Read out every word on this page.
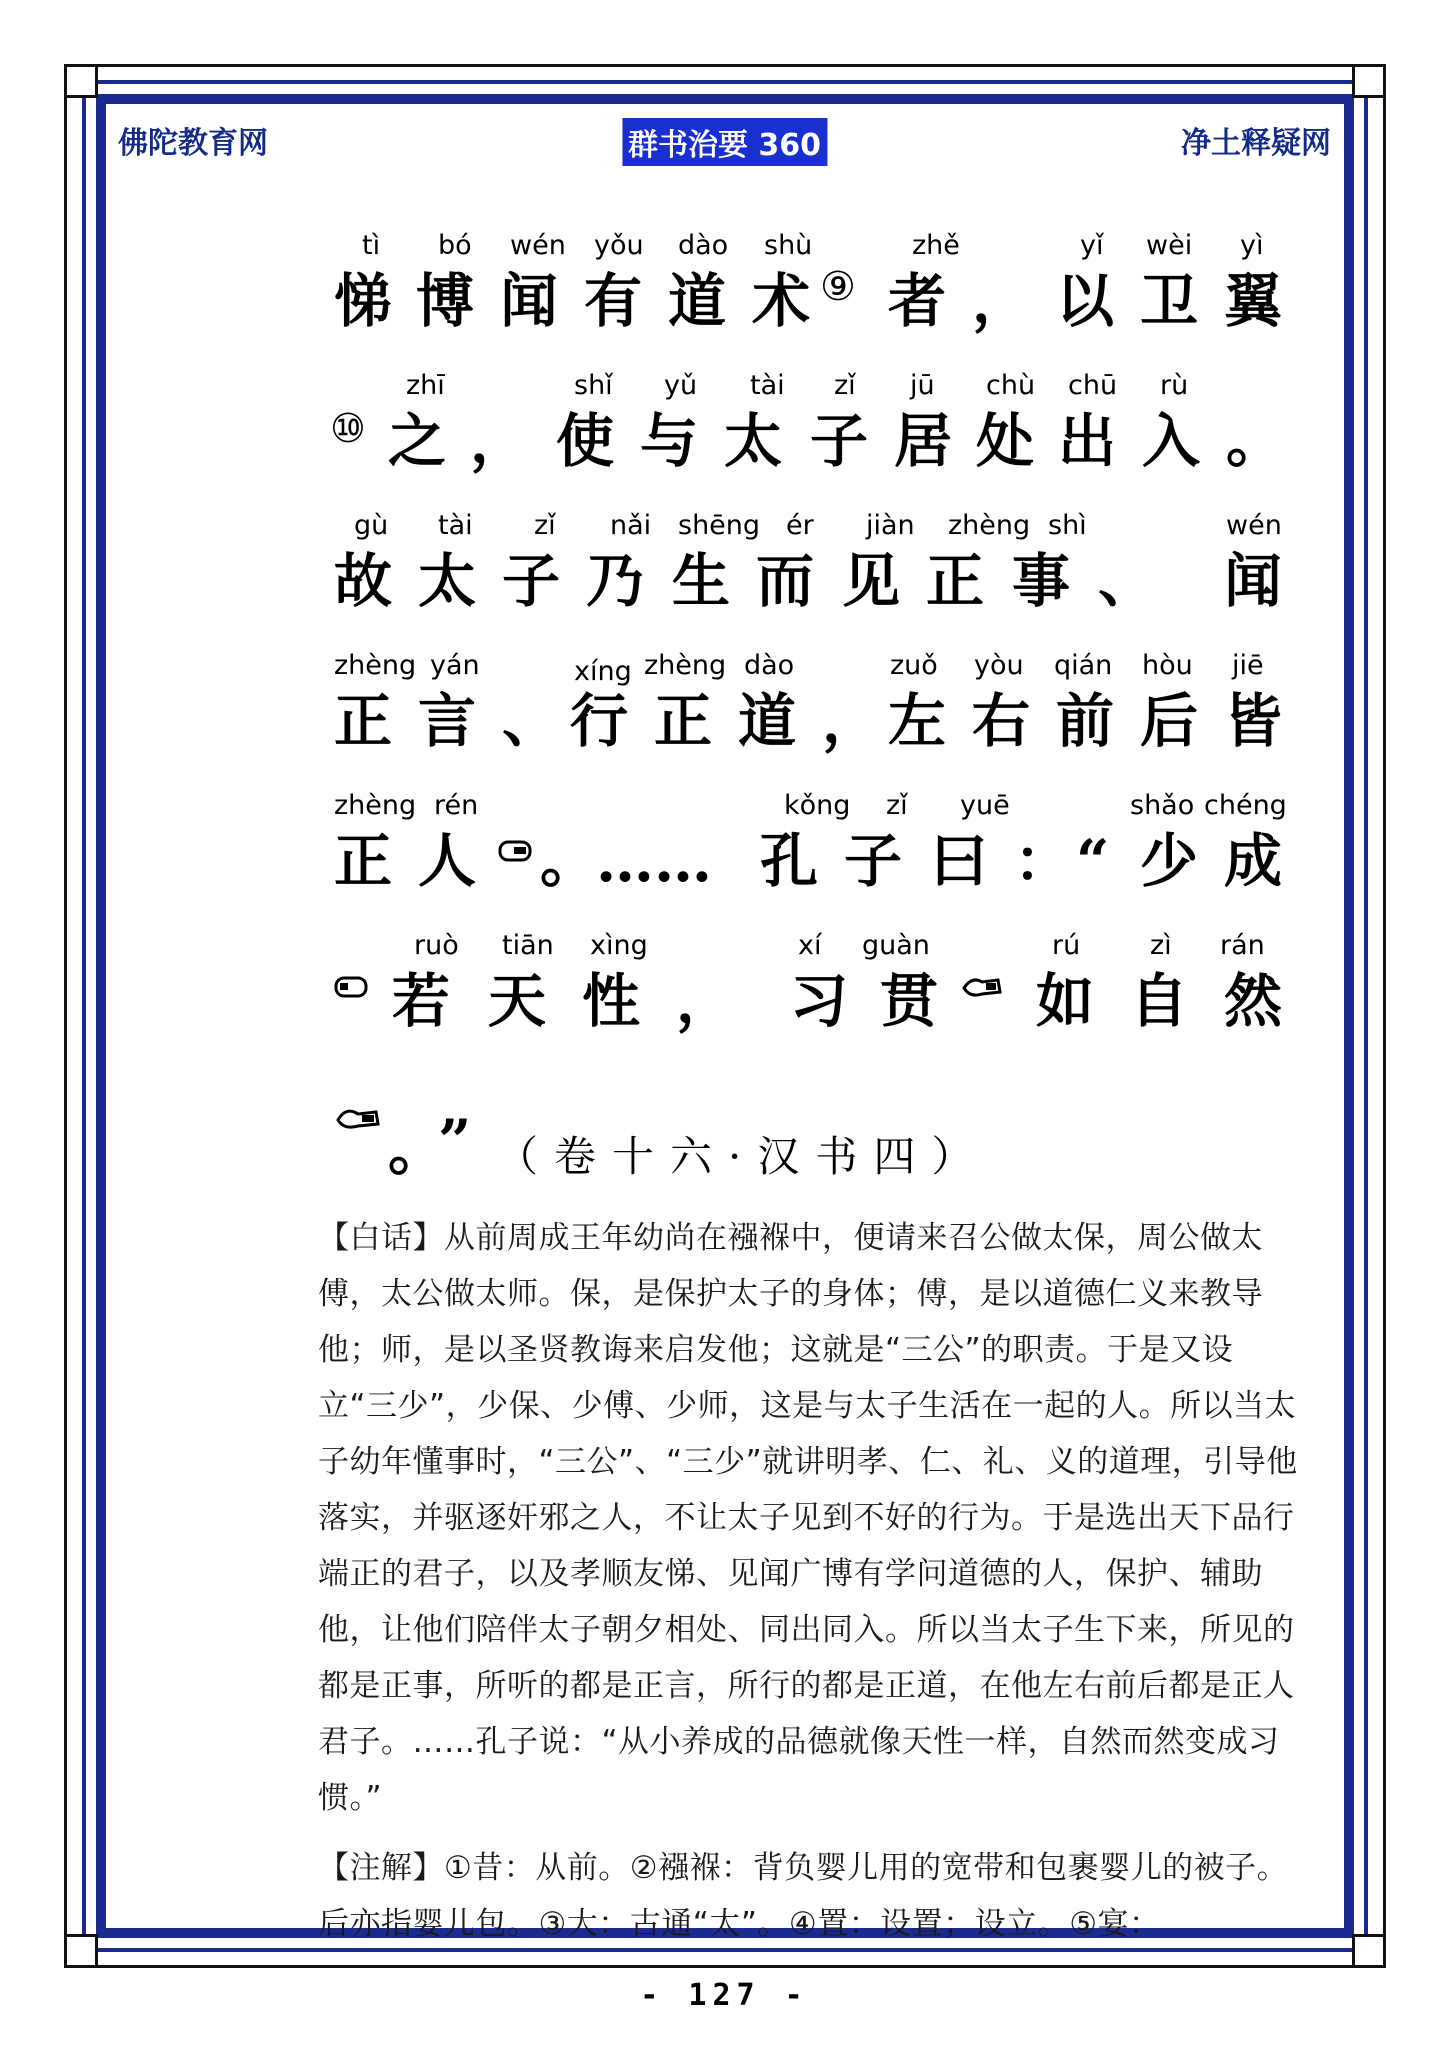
佛陀教育网	群书治要 360	净土释疑网
tì bó wén yǒu dào shù	zhě	yǐ wèi yì
悌 博 闻 有 道 术 ⑨ 者 ， 以 卫 翼
zhī	shǐ yǔ tài zǐ jū chù chū rù
⑩ 之 ， 使 与 太 子 居 处 出 入 。
gù tài zǐ nǎi shēng ér jiàn zhèng shì	wén
故 太 子 乃 生 而 见 正 事 、 闻
zhèng yán	xíng zhèng dào	zuǒ yòu qián hòu jiē
正 言 、 行 正 道 ， 左 右 前 后 皆
zhèng rén	kǒng zǐ yuē	shǎo chéng
正 人 。
…… 孔 子 曰 ： “ 少 成
ruò tiān xìng	xí guàn	rú	zì rán
若 天 性 ， 习 贯 如 自 然
。
” （卷十六·汉书四）

【白话】从前周成王年幼尚在襁褓中，便请来召公做太保，周公做太傅，太公做太师。保，是保护太子的身体；傅，是以道德仁义来教导他；师，是以圣贤教诲来启发他；这就是“三公”的职责。于是又设立“三少”，少保、少傅、少师，这是与太子生活在一起的人。所以当太子幼年懂事时，“三公”、“三少”就讲明孝、仁、礼、义的道理，引导他落实，并驱逐奸邪之人，不让太子见到不好的行为。于是选出天下品行端正的君子，以及孝顺友悌、见闻广博有学问道德的人，保护、辅助他，让他们陪伴太子朝夕相处、同出同入。所以当太子生下来，所见的都是正事，所听的都是正言，所行的都是正道，在他左右前后都是正人君子。……孔子说：“从小养成的品德就像天性一样，自然而然变成习惯。”

【注解】①昔：从前。②襁褓：背负婴儿用的宽带和包裹婴儿的被子。后亦指婴儿包。③大：古通“太”。④置：设置；设立。⑤宴：

- 127 -
